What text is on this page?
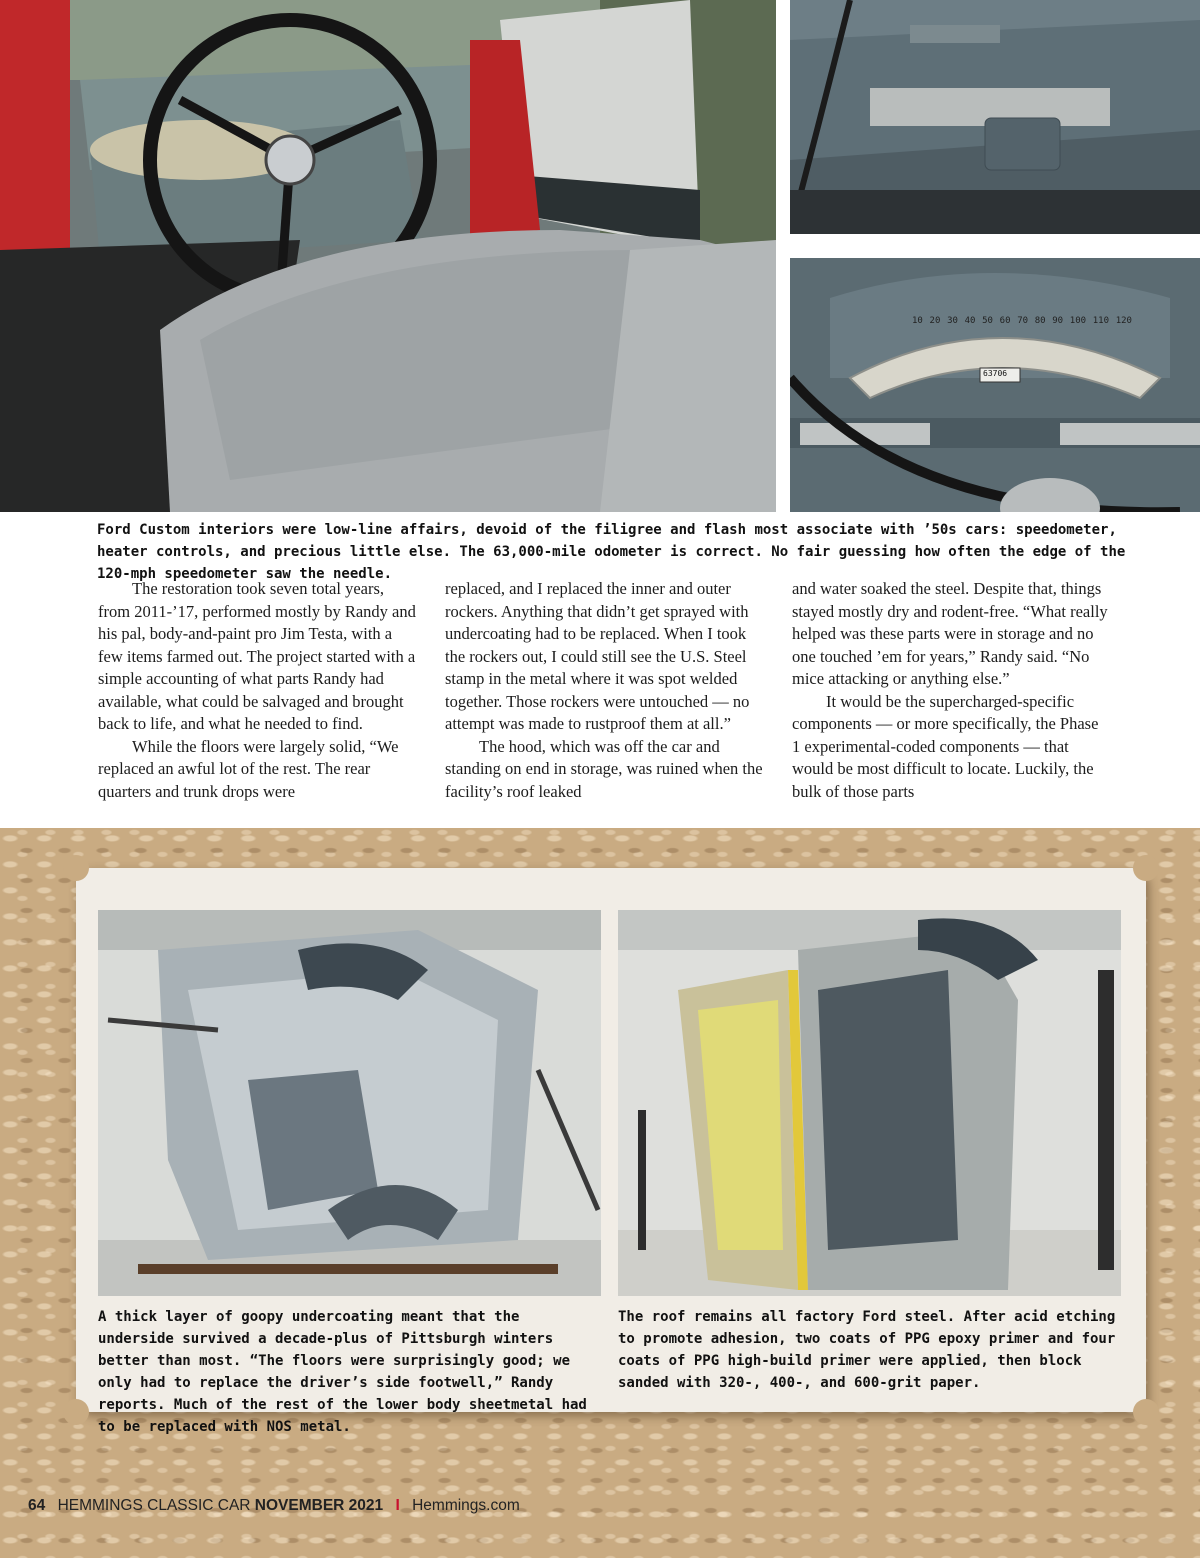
10 20 30 40 50 60 70 80 90 100 110 120
63706
Ford Custom interiors were low-line affairs, devoid of the filigree and flash most associate with ’50s cars: speedometer, heater controls, and precious little else. The 63,000-mile odometer is correct. No fair guessing how often the edge of the 120-mph speedometer saw the needle.

The restoration took seven total years, from 2011-’17, performed mostly by Randy and his pal, body-and-paint pro Jim Testa, with a few items farmed out. The project started with a simple accounting of what parts Randy had available, what could be salvaged and brought back to life, and what he needed to find.

While the floors were largely solid, “We replaced an awful lot of the rest. The rear quarters and trunk drops were

replaced, and I replaced the inner and outer rockers. Anything that didn’t get sprayed with undercoating had to be replaced. When I took the rockers out, I could still see the U.S. Steel stamp in the metal where it was spot welded together. Those rockers were untouched — no attempt was made to rustproof them at all.”

The hood, which was off the car and standing on end in storage, was ruined when the facility’s roof leaked

and water soaked the steel. Despite that, things stayed mostly dry and rodent-free. “What really helped was these parts were in storage and no one touched ’em for years,” Randy said. “No mice attacking or anything else.”

It would be the supercharged-specific components — or more specifically, the Phase 1 experimental-coded components — that would be most difficult to locate. Luckily, the bulk of those parts

A thick layer of goopy undercoating meant that the underside survived a decade-plus of Pittsburgh winters better than most. “The floors were surprisingly good; we only had to replace the driver’s side footwell,” Randy reports. Much of the rest of the lower body sheetmetal had to be replaced with NOS metal.
The roof remains all factory Ford steel. After acid etching to promote adhesion, two coats of PPG epoxy primer and four coats of PPG high-build primer were applied, then block sanded with 320-, 400-, and 600-grit paper.
64 HEMMINGS CLASSIC CAR NOVEMBER 2021 I Hemmings.com
